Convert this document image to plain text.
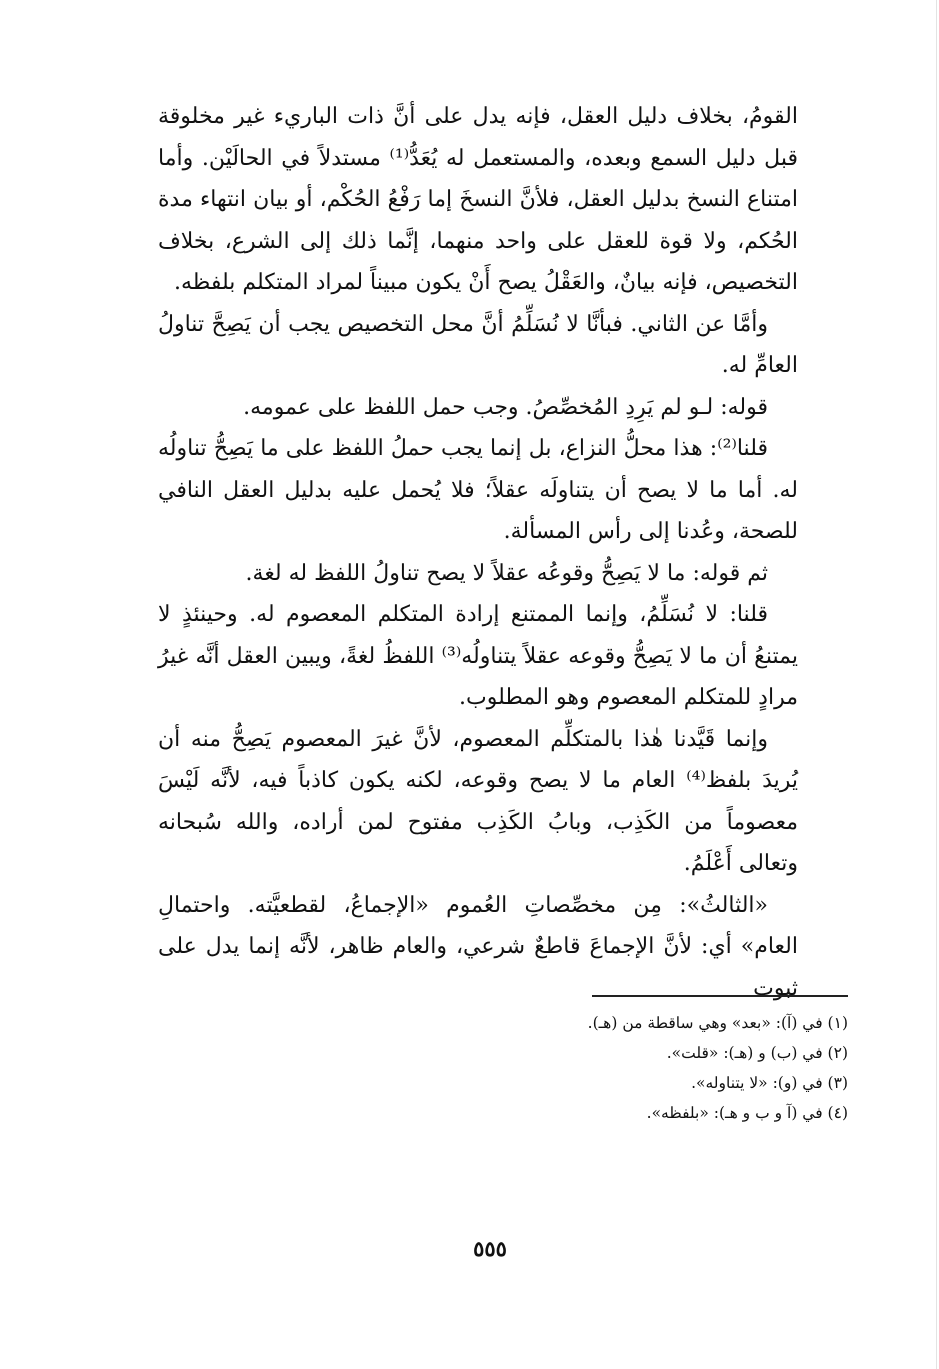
القومُ، بخلاف دليل العقل، فإنه يدل على أنَّ ذات الباريء غير مخلوقة قبل دليل السمع وبعده، والمستعمل له يُعَدُّ⁽¹⁾ مستدلاً في الحالَيْن. وأما امتناع النسخ بدليل العقل، فلأنَّ النسخَ إما رَفْعُ الحُكْم، أو بيان انتهاء مدة الحُكم، ولا قوة للعقل على واحد منهما، إنَّما ذلك إلى الشرع، بخلاف التخصيص، فإنه بيانٌ، والعَقْلُ يصح أَنْ يكون مبيناً لمراد المتكلم بلفظه.

وأمَّا عن الثاني. فبأنَّا لا نُسَلِّمُ أنَّ محل التخصيص يجب أن يَصِحَّ تناولُ العامِّ له.

قوله: لـو لم يَرِدِ المُخصِّصُ. وجب حمل اللفظ على عمومه.

قلنا⁽²⁾: هذا محلُّ النزاع، بل إنما يجب حملُ اللفظ على ما يَصِحُّ تناولُه له. أما ما لا يصح أن يتناولَه عقلاً؛ فلا يُحمل عليه بدليل العقل النافي للصحة، وعُدنا إلى رأس المسألة.

ثم قوله: ما لا يَصِحُّ وقوعُه عقلاً لا يصح تناولُ اللفظ له لغة.

قلنا: لا نُسَلِّمُ، وإنما الممتنع إرادة المتكلم المعصوم له. وحينئذٍ لا يمتنعُ أن ما لا يَصِحُّ وقوعه عقلاً يتناولُه⁽³⁾ اللفظُ لغةً، ويبين العقل أنَّه غيرُ مرادٍ للمتكلم المعصوم وهو المطلوب.

وإنما قَيَّدنا هٰذا بالمتكلِّم المعصوم، لأنَّ غيرَ المعصوم يَصِحُّ منه أن يُريدَ بلفظ⁽⁴⁾ العام ما لا يصح وقوعه، لكنه يكون كاذباً فيه، لأنَّه لَيْسَ معصوماً من الكَذِب، وبابُ الكَذِب مفتوح لمن أراده، والله سُبحانه وتعالى أَعْلَمُ.

«الثالثُ»: مِن مخصِّصاتِ العُموم «الإجماعُ، لقطعيَّته. واحتمالِ العام» أي: لأنَّ الإجماعَ قاطعٌ شرعي، والعام ظاهر، لأنَّه إنما يدل على ثبوت

(١) في (آ): «بعد» وهي ساقطة من (هـ).

(٢) في (ب) و (هـ): «قلت».

(٣) في (و): «لا يتناوله».

(٤) في (آ و ب و هـ): «بلفظه».

٥٥٥
